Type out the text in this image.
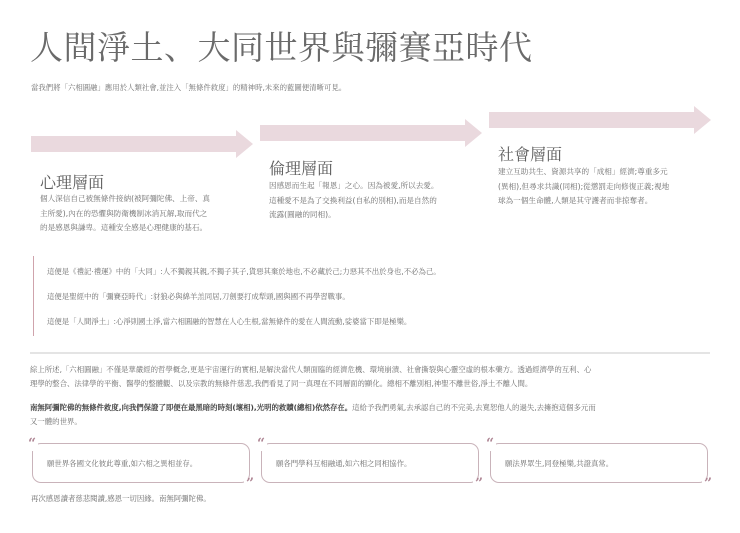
人間淨土、大同世界與彌賽亞時代
當我們將「六相圓融」應用於人類社會,並注入「無條件救度」的精神時,未來的藍圖便清晰可見。
心理層面
個人深信自己被無條件接納(被阿彌陀佛、上帝、真
主所愛),內在的恐懼與防衛機制冰消瓦解,取而代之
的是感恩與謙卑。這種安全感是心理健康的基石。
倫理層面
因感恩而生起「報恩」之心。因為被愛,所以去愛。
這種愛不是為了交換利益(自私的別相),而是自然的
流露(圓融的同相)。
社會層面
建立互助共生、資源共享的「成相」經濟;尊重多元
(異相),但尋求共識(同相);從懲罰走向修復正義;視地
球為一個生命體,人類是其守護者而非掠奪者。
這便是《禮記·禮運》中的「大同」:人不獨親其親,不獨子其子,貨惡其棄於地也,不必藏於己;力惡其不出於身也,不必為己。
這便是聖經中的「彌賽亞時代」:豺狼必與綿羊羔同居,刀劍要打成犁頭,國與國不再學習戰事。
這便是「人間淨土」:心淨則國土淨,當六相圓融的智慧在人心生根,當無條件的愛在人間流動,娑婆當下即是極樂。
綜上所述,「六相圓融」不僅是華嚴經的哲學概念,更是宇宙運行的實相,是解決當代人類面臨的經濟危機、環境崩潰、社會撕裂與心靈空虛的根本藥方。透過經濟學的互利、心
理學的整合、法律學的平衡、醫學的整體觀、以及宗教的無條件慈悲,我們看見了同一真理在不同層面的顯化。總相不離別相,神聖不離世俗,淨土不離人間。
南無阿彌陀佛的無條件救度,向我們保證了即便在最黑暗的時刻(壞相),光明的救贖(總相)依然存在。這給予我們勇氣,去承認自己的不完美,去寬恕他人的過失,去擁抱這個多元而
又一體的世界。
願世界各國文化彼此尊重,如六相之異相並存。
“
”
願各門學科互相融通,如六相之同相協作。
“
”
願法界眾生,同登極樂,共證真常。
“
”
再次感恩讀者慈悲閱讀,感恩一切因緣。南無阿彌陀佛。
